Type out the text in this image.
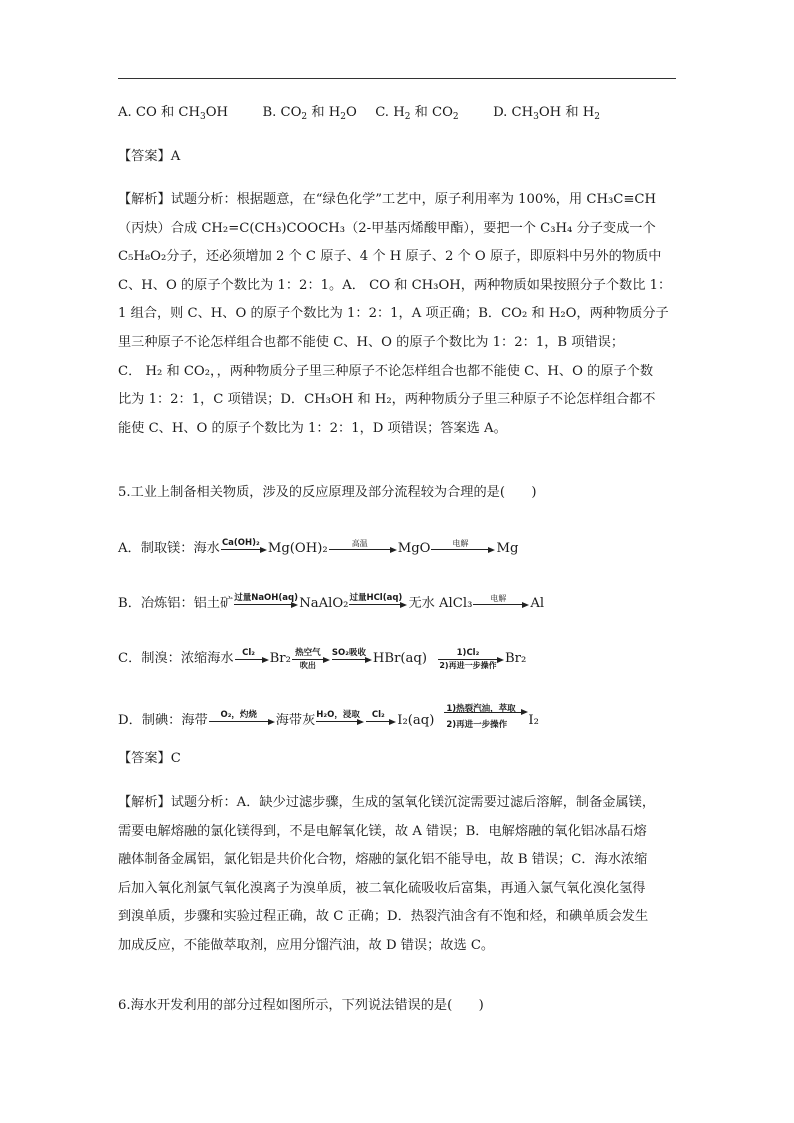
A. CO 和 $CH_3OH$	B. $CO_2$ 和 $H_2O$ C. $H_2$ 和 $CO_2$	D. $CH_3OH$ 和 $H_2$
【答案】A
【解析】试题分析：根据题意，在“绿色化学”工艺中，原子利用率为 100%，用 CH₃C≡CH
（丙炔）合成 CH₂=C(CH₃)COOCH₃（2-甲基丙烯酸甲酯），要把一个 C₃H₄ 分子变成一个
C₅H₈O₂分子，还必须增加 2 个 C 原子、4 个 H 原子、2 个 O 原子，即原料中另外的物质中
C、H、O 的原子个数比为 1：2：1。A． CO 和 CH₃OH，两种物质如果按照分子个数比 1：
1 组合，则 C、H、O 的原子个数比为 1：2：1，A 项正确；B．CO₂ 和 H₂O，两种物质分子
里三种原子不论怎样组合也都不能使 C、H、O 的原子个数比为 1：2：1，B 项错误；
C． H₂ 和 CO₂，，两种物质分子里三种原子不论怎样组合也都不能使 C、H、O 的原子个数
比为 1：2：1，C 项错误；D．CH₃OH 和 H₂，两种物质分子里三种原子不论怎样组合都不
能使 C、H、O 的原子个数比为 1：2：1，D 项错误；答案选 A。
5.工业上制备相关物质，涉及的反应原理及部分流程较为合理的是(　　)
A．制取镁：海水 Ca(OH)₂ Mg(OH)₂	高温	MgO	电解	Mg
B．冶炼铝：铝土矿 过量NaOH(aq) NaAlO₂ 过量HCl(aq) 无水 AlCl₃	电解	Al
C．制溴：浓缩海水	Cl₂	Br₂ 热空气
吹出
SO₂吸收 HBr(aq)	1)Cl₂
2)再进一步操作 Br₂
D．制碘：海带	O₂，灼烧	海带灰 H₂O，浸取	Cl₂ I₂(aq)
1)热裂汽油，萃取
2)再进一步操作 I₂
【答案】C
【解析】试题分析：A．缺少过滤步骤，生成的氢氧化镁沉淀需要过滤后溶解，制备金属镁，
需要电解熔融的氯化镁得到，不是电解氧化镁，故 A 错误；B．电解熔融的氧化铝冰晶石熔
融体制备金属铝，氯化铝是共价化合物，熔融的氯化铝不能导电，故 B 错误；C．海水浓缩
后加入氧化剂氯气氧化溴离子为溴单质，被二氧化硫吸收后富集，再通入氯气氧化溴化氢得
到溴单质，步骤和实验过程正确，故 C 正确；D．热裂汽油含有不饱和烃，和碘单质会发生
加成反应，不能做萃取剂，应用分馏汽油，故 D 错误；故选 C。
6.海水开发利用的部分过程如图所示，下列说法错误的是(　　)
